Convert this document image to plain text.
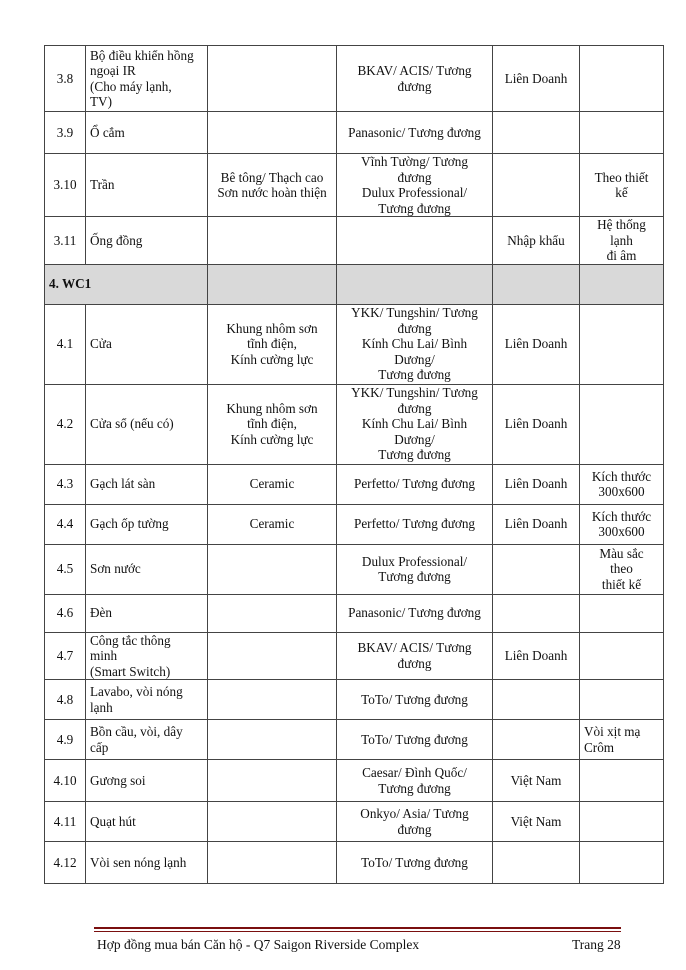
3.8	Bộ điều khiển hồng
ngoại IR
(Cho máy lạnh,
TV)		BKAV/ ACIS/ Tương
đương	Liên Doanh	
3.9	Ổ cắm		Panasonic/ Tương đương		
3.10	Trần	Bê tông/ Thạch cao
Sơn nước hoàn thiện	Vĩnh Tường/ Tương
đương
Dulux Professional/
Tương đương		Theo thiết
kế
3.11	Ống đồng			Nhập khẩu	Hệ thống
lạnh
đi âm
4. WC1					
4.1	Cửa	Khung nhôm sơn
tĩnh điện,
Kính cường lực	YKK/ Tungshin/ Tương
đương
Kính Chu Lai/ Bình
Dương/
Tương đương	Liên Doanh	
4.2	Cửa sổ (nếu có)	Khung nhôm sơn
tĩnh điện,
Kính cường lực	YKK/ Tungshin/ Tương
đương
Kính Chu Lai/ Bình
Dương/
Tương đương	Liên Doanh	
4.3	Gạch lát sàn	Ceramic	Perfetto/ Tương đương	Liên Doanh	Kích thước
300x600
4.4	Gạch ốp tường	Ceramic	Perfetto/ Tương đương	Liên Doanh	Kích thước
300x600
4.5	Sơn nước		Dulux Professional/
Tương đương		Màu sắc
theo
thiết kế
4.6	Đèn		Panasonic/ Tương đương		
4.7	Công tắc thông
minh
(Smart Switch)		BKAV/ ACIS/ Tương
đương	Liên Doanh	
4.8	Lavabo, vòi nóng
lạnh		ToTo/ Tương đương		
4.9	Bồn cầu, vòi, dây
cấp		ToTo/ Tương đương		Vòi xịt mạ
Crôm
4.10	Gương soi		Caesar/ Đình Quốc/
Tương đương	Việt Nam	
4.11	Quạt hút		Onkyo/ Asia/ Tương
đương	Việt Nam	
4.12	Vòi sen nóng lạnh		ToTo/ Tương đương		
Hợp đồng mua bán Căn hộ - Q7 Saigon Riverside Complex	Trang 28
